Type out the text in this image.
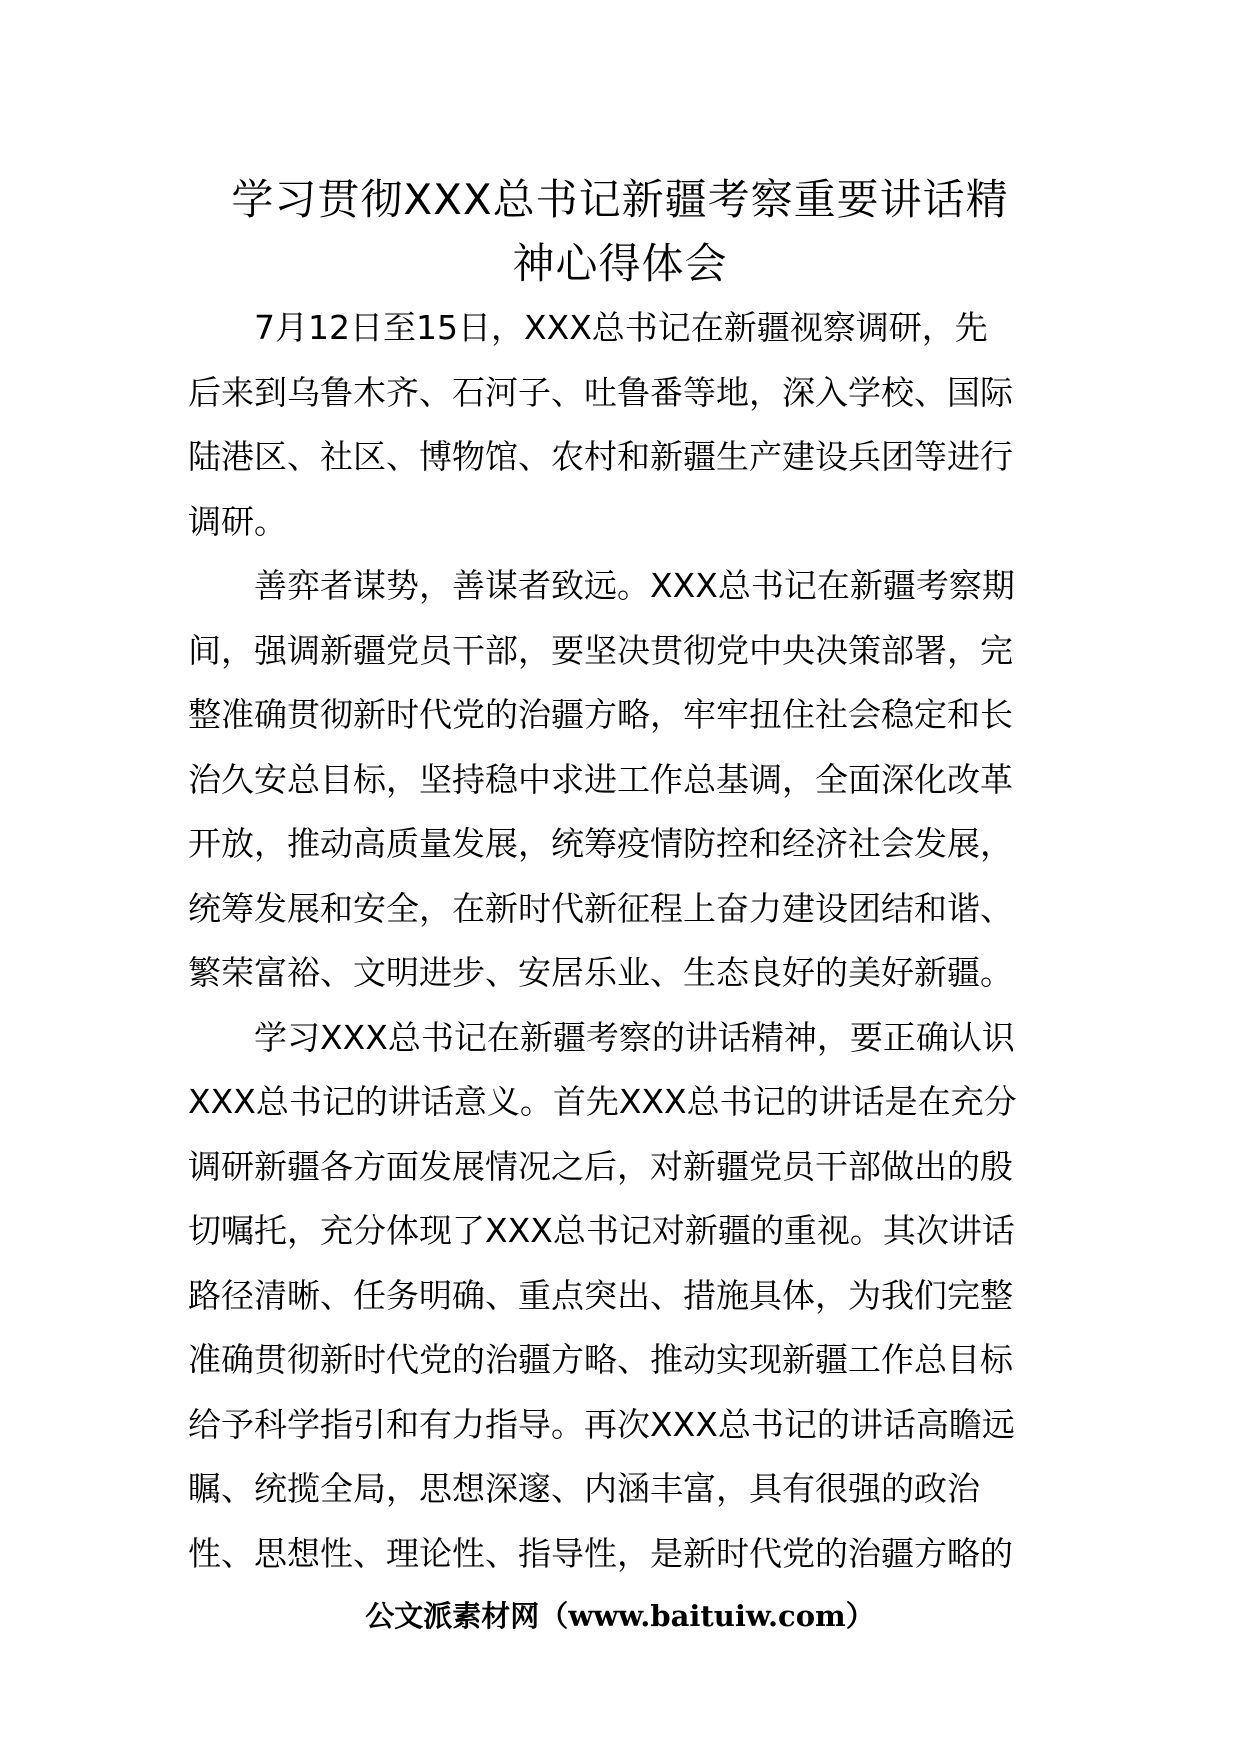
学习贯彻XXX总书记新疆考察重要讲话精
神心得体会
7月12日至15日，XXX总书记在新疆视察调研，先
后来到乌鲁木齐、石河子、吐鲁番等地，深入学校、国际
陆港区、社区、博物馆、农村和新疆生产建设兵团等进行
调研。
善弈者谋势，善谋者致远。XXX总书记在新疆考察期
间，强调新疆党员干部，要坚决贯彻党中央决策部署，完
整准确贯彻新时代党的治疆方略，牢牢扭住社会稳定和长
治久安总目标，坚持稳中求进工作总基调，全面深化改革
开放，推动高质量发展，统筹疫情防控和经济社会发展，
统筹发展和安全，在新时代新征程上奋力建设团结和谐、
繁荣富裕、文明进步、安居乐业、生态良好的美好新疆。
学习XXX总书记在新疆考察的讲话精神，要正确认识
XXX总书记的讲话意义。首先XXX总书记的讲话是在充分
调研新疆各方面发展情况之后，对新疆党员干部做出的殷
切嘱托，充分体现了XXX总书记对新疆的重视。其次讲话
路径清晰、任务明确、重点突出、措施具体，为我们完整
准确贯彻新时代党的治疆方略、推动实现新疆工作总目标
给予科学指引和有力指导。再次XXX总书记的讲话高瞻远
瞩、统揽全局，思想深邃、内涵丰富，具有很强的政治
性、思想性、理论性、指导性，是新时代党的治疆方略的
公文派素材网（www.baituiw.com）
